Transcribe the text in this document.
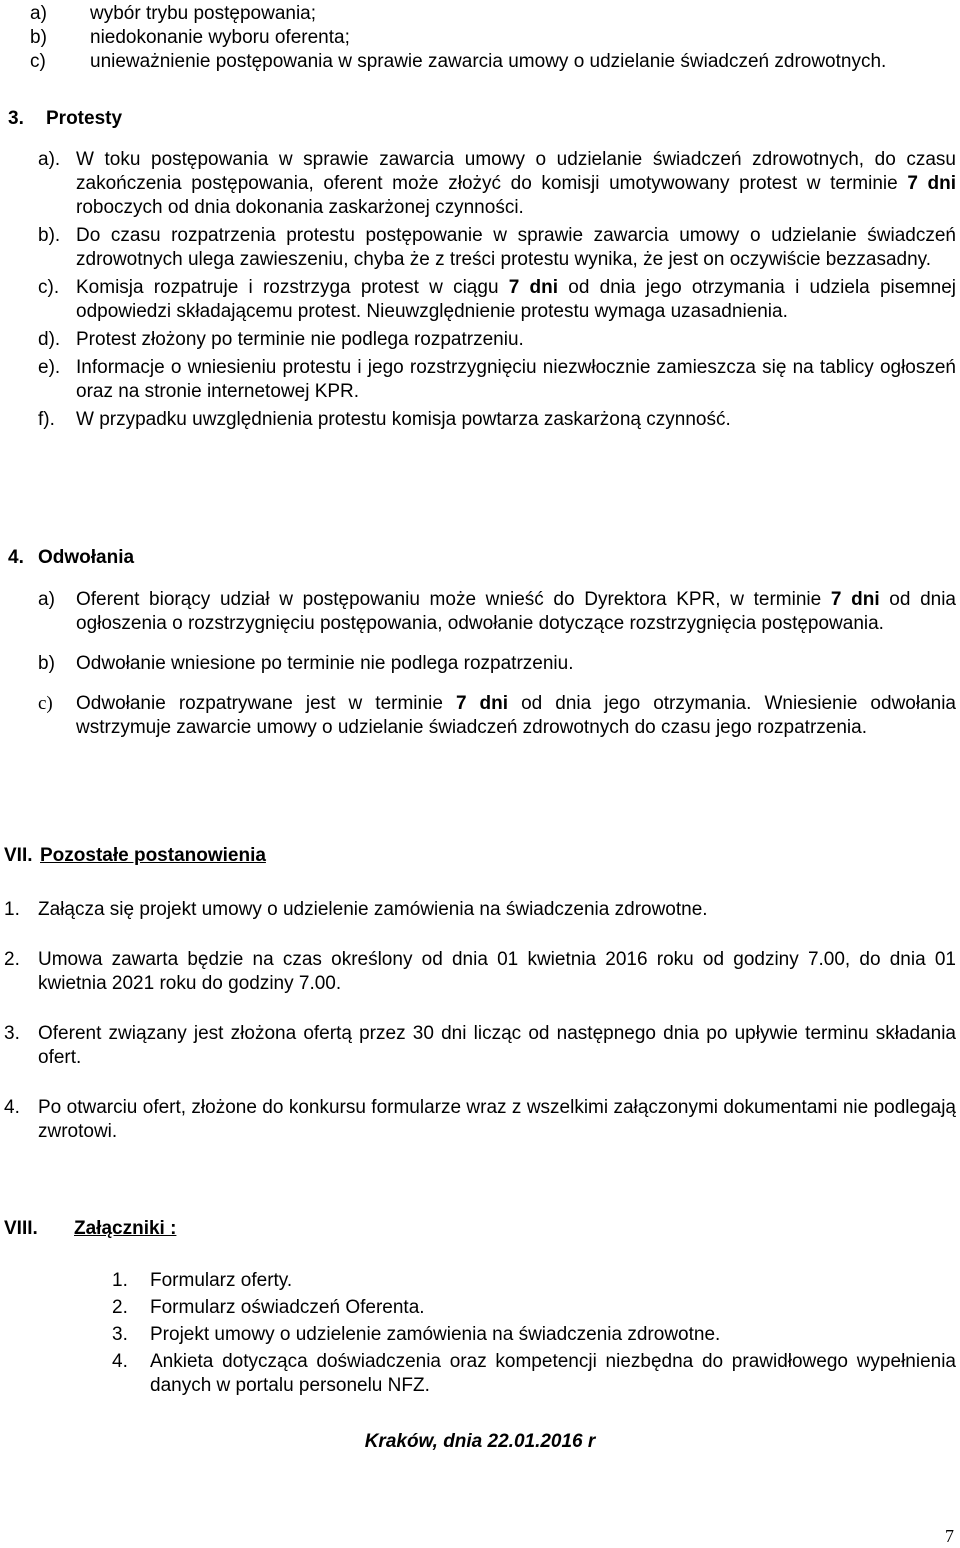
a) wybór trybu postępowania;
b) niedokonanie wyboru oferenta;
c) unieważnienie postępowania w sprawie zawarcia umowy o udzielanie świadczeń zdrowotnych.
3. Protesty
a). W toku postępowania w sprawie zawarcia umowy o udzielanie świadczeń zdrowotnych, do czasu zakończenia postępowania, oferent może złożyć do komisji umotywowany protest w terminie 7 dni roboczych od dnia dokonania zaskarżonej czynności.
b). Do czasu rozpatrzenia protestu postępowanie w sprawie zawarcia umowy o udzielanie świadczeń zdrowotnych ulega zawieszeniu, chyba że z treści protestu wynika, że jest on oczywiście bezzasadny.
c). Komisja rozpatruje i rozstrzyga protest w ciągu 7 dni od dnia jego otrzymania i udziela pisemnej odpowiedzi składającemu protest. Nieuwzględnienie protestu wymaga uzasadnienia.
d). Protest złożony po terminie nie podlega rozpatrzeniu.
e). Informacje o wniesieniu protestu i jego rozstrzygnięciu niezwłocznie zamieszcza się na tablicy ogłoszeń oraz na stronie internetowej KPR.
f). W przypadku uwzględnienia protestu komisja powtarza zaskarżoną czynność.
4. Odwołania
a) Oferent biorący udział w postępowaniu może wnieść do Dyrektora KPR, w terminie 7 dni od dnia ogłoszenia o rozstrzygnięciu postępowania, odwołanie dotyczące rozstrzygnięcia postępowania.
b) Odwołanie wniesione po terminie nie podlega rozpatrzeniu.
c) Odwołanie rozpatrywane jest w terminie 7 dni od dnia jego otrzymania. Wniesienie odwołania wstrzymuje zawarcie umowy o udzielanie świadczeń zdrowotnych do czasu jego rozpatrzenia.
VII. Pozostałe postanowienia
1. Załącza się projekt umowy o udzielenie zamówienia na świadczenia zdrowotne.
2. Umowa zawarta będzie na czas określony od dnia 01 kwietnia 2016 roku od godziny 7.00, do dnia 01 kwietnia 2021 roku do godziny 7.00.
3. Oferent związany jest złożona ofertą przez 30 dni licząc od następnego dnia po upływie terminu składania ofert.
4. Po otwarciu ofert, złożone do konkursu formularze wraz z wszelkimi załączonymi dokumentami nie podlegają zwrotowi.
VIII. Załączniki :
1. Formularz oferty.
2. Formularz oświadczeń Oferenta.
3. Projekt umowy o udzielenie zamówienia na świadczenia zdrowotne.
4. Ankieta dotycząca doświadczenia oraz kompetencji niezbędna do prawidłowego wypełnienia danych w portalu personelu NFZ.
Kraków, dnia 22.01.2016 r
7
